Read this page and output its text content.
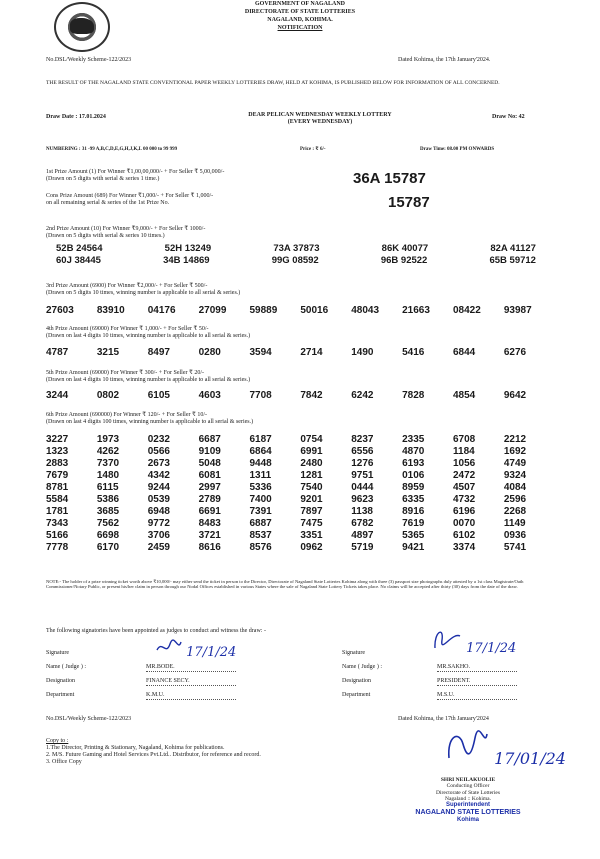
GOVERNMENT OF NAGALAND
DIRECTORATE OF STATE LOTTERIES
NAGALAND, KOHIMA.
NOTIFICATION
No.DSL/Weekly Scheme-122/2023	Dated Kohima, the 17th January'2024.
THE RESULT OF THE NAGALAND STATE CONVENTIONAL PAPER WEEKLY LOTTERIES DRAW, HELD AT KOHIMA, IS PUBLISHED BELOW FOR INFORMATION OF ALL CONCERNED.
Draw Date : 17.01.2024	DEAR PELICAN WEDNESDAY WEEKLY LOTTERY
(EVERY WEDNESDAY)
Draw No: 42
NUMBERING : 31 -99 A,B,C,D,E,G,H,J,K,L 00 000 to 99 999	Price : ₹ 6/-	Draw Time: 08.00 PM ONWARDS
1st Prize Amount (1) For Winner ₹1,00,00,000/- + For Seller ₹ 5,00,000/-
(Drawn on 5 digits with serial & series 1 time.)	36A 15787
Cons Prize Amount (689) For Winner ₹1,000/- + For Seller ₹ 1,000/-
on all remaining serial & series of the 1st Prize No.	15787
2nd Prize Amount (10) For Winner ₹9,000/- + For Seller ₹ 1000/-
(Drawn on 5 digits with serial & series 10 times.)
52B 24564	52H 13249	73A 37873	86K 40077	82A 41127
60J 38445	34B 14869	99G 08592	96B 92522	65B 59712
3rd Prize Amount (6900) For Winner ₹2,000/- + For Seller ₹ 500/-
(Drawn on 5 digits 10 times, winning number is applicable to all serial & series.)
27603	83910	04176	27099	59889	50016	48043	21663	08422	93987
4th Prize Amount (69000) For Winner ₹ 1,000/- + For Seller ₹ 50/-
(Drawn on last 4 digits 10 times, winning number is applicable to all serial & series.)
4787	3215	8497	0280	3594	2714	1490	5416	6844	6276
5th Prize Amount (69000) For Winner ₹ 300/- + For Seller ₹ 20/-
(Drawn on last 4 digits 10 times, winning number is applicable to all serial & series.)
3244	0802	6105	4603	7708	7842	6242	7828	4854	9642
6th Prize Amount (690000) For Winner ₹ 120/- + For Seller ₹ 10/-
(Drawn on last 4 digits 100 times, winning number is applicable to all serial & series.)
3227	1973	0232	6687	6187	0754	8237	2335	6708	2212
1323	4262	0566	9109	6864	6991	6556	4870	1184	1692
2883	7370	2673	5048	9448	2480	1276	6193	1056	4749
7679	1480	4342	6081	1311	1281	9751	0106	2472	9324
8781	6115	9244	2997	5336	7540	0444	8959	4507	4084
5584	5386	0539	2789	7400	9201	9623	6335	4732	2596
1781	3685	6948	6691	7391	7897	1138	8916	6196	2268
7343	7562	9772	8483	6887	7475	6782	7619	0070	1149
5166	6698	3706	3721	8537	3351	4897	5365	6102	0936
7778	6170	2459	8616	8576	0962	5719	9421	3374	5741
NOTE:- The holder of a prize winning ticket worth above ₹10,000/- may either send the ticket in person to the Director, Directorate of Nagaland State Lotteries Kohima along with three (3) passport size photographs duly attested by a 1st class Magistrate/Oath Commissioner/Notary Public, or present his/her claim in person through our Nodal Offices established in various States where the sale of Nagaland State Lottery Tickets takes place. No claims will be accepted after thirty (30) days from the date of the draw.
The following signatories have been appointed as judges to conduct and witness the draw: -
Signature	17/1/24
Name ( Judge ) :	MR.BODE.
Designation	FINANCE SECY.
Department	K.M.U.
Signature	17/1/24
Name ( Judge ) :	MR.SAKHO.
Designation	PRESIDENT.
Department	M.S.U.
No.DSL/Weekly Scheme-122/2023	Dated Kohima, the 17th January'2024
Copy to :
1.The Director, Printing & Stationary, Nagaland, Kohima for publications.
2. M/S. Future Gaming and Hotel Services Pvt.Ltd.. Distributor, for reference and record.
3. Office Copy	17/01/24
SHRI NEILAKUOLIE
Conducting Officer
Directorate of State Lotteries
Nagaland :: Kohima.
Superintendent
NAGALAND STATE LOTTERIES
Kohima
